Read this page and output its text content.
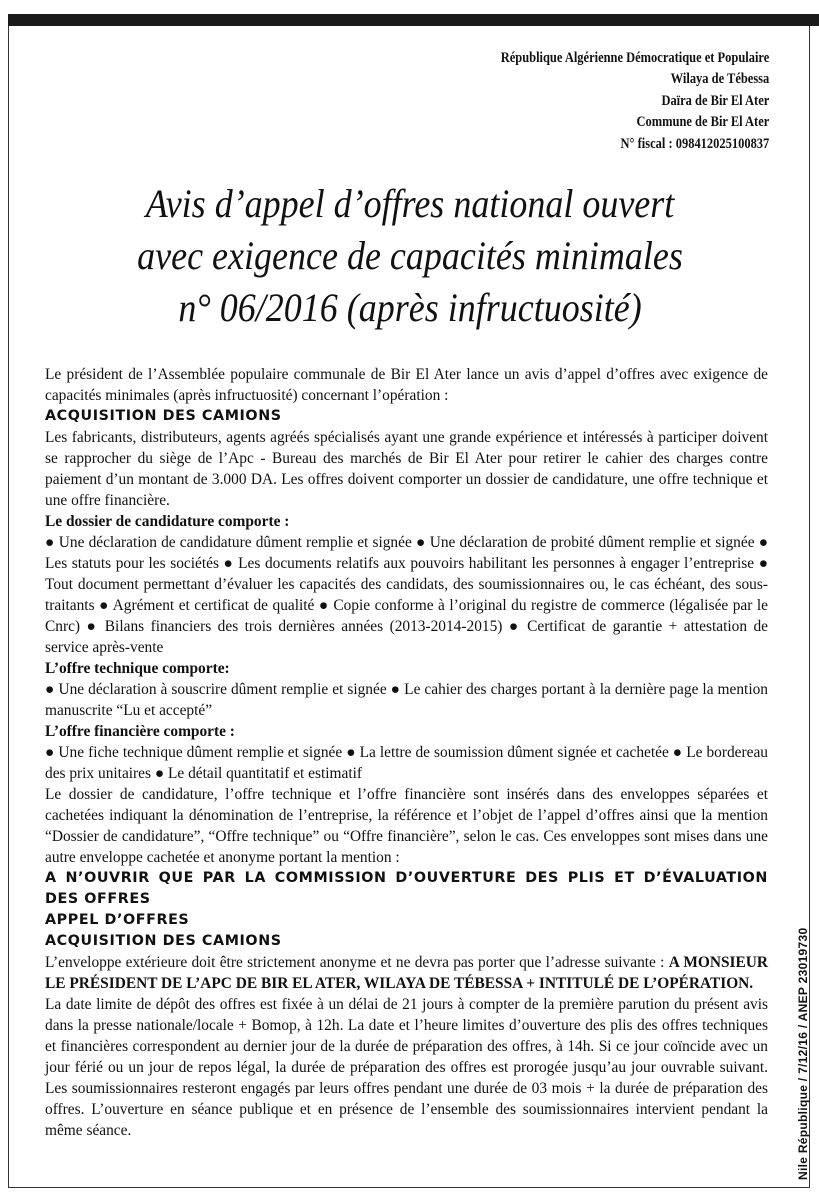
République Algérienne Démocratique et Populaire
Wilaya de Tébessa
Daïra de Bir El Ater
Commune de Bir El Ater
N° fiscal : 098412025100837
Avis d’appel d’offres national ouvert
avec exigence de capacités minimales
n° 06/2016 (après infructuosité)

Le président de l’Assemblée populaire communale de Bir El Ater lance un avis d’appel d’offres avec exigence de capacités minimales (après infructuosité) concernant l’opération :

ACQUISITION DES CAMIONS

Les fabricants, distributeurs, agents agréés spécialisés ayant une grande expérience et intéressés à participer doivent se rapprocher du siège de l’Apc - Bureau des marchés de Bir El Ater pour retirer le cahier des charges contre paiement d’un montant de 3.000 DA. Les offres doivent comporter un dossier de candidature, une offre technique et une offre financière.

Le dossier de candidature comporte :

● Une déclaration de candidature dûment remplie et signée ● Une déclaration de probité dûment remplie et signée ● Les statuts pour les sociétés ● Les documents relatifs aux pouvoirs habilitant les personnes à engager l’entreprise ● Tout document permettant d’évaluer les capacités des candidats, des soumissionnaires ou, le cas échéant, des sous-traitants ● Agrément et certificat de qualité ● Copie conforme à l’original du registre de commerce (légalisée par le Cnrc) ● Bilans financiers des trois dernières années (2013-2014-2015) ● Certificat de garantie + attestation de service après-vente

L’offre technique comporte:

● Une déclaration à souscrire dûment remplie et signée ● Le cahier des charges portant à la dernière page la mention manuscrite “Lu et accepté”

L’offre financière comporte :

● Une fiche technique dûment remplie et signée ● La lettre de soumission dûment signée et cachetée ● Le bordereau des prix unitaires ● Le détail quantitatif et estimatif

Le dossier de candidature, l’offre technique et l’offre financière sont insérés dans des enveloppes séparées et cachetées indiquant la dénomination de l’entreprise, la référence et l’objet de l’appel d’offres ainsi que la mention “Dossier de candidature”, “Offre technique” ou “Offre financière”, selon le cas. Ces enveloppes sont mises dans une autre enveloppe cachetée et anonyme portant la mention :

A N’OUVRIR QUE PAR LA COMMISSION D’OUVERTURE DES PLIS ET D’ÉVALUATION DES OFFRES

APPEL D’OFFRES

ACQUISITION DES CAMIONS

L’enveloppe extérieure doit être strictement anonyme et ne devra pas porter que l’adresse suivante : A MONSIEUR LE PRÉSIDENT DE L’APC DE BIR EL ATER, WILAYA DE TÉBESSA + INTITULÉ DE L’OPÉRATION.

La date limite de dépôt des offres est fixée à un délai de 21 jours à compter de la première parution du présent avis dans la presse nationale/locale + Bomop, à 12h. La date et l’heure limites d’ouverture des plis des offres techniques et financières correspondent au dernier jour de la durée de préparation des offres, à 14h. Si ce jour coïncide avec un jour férié ou un jour de repos légal, la durée de préparation des offres est prorogée jusqu’au jour ouvrable suivant. Les soumissionnaires resteront engagés par leurs offres pendant une durée de 03 mois + la durée de préparation des offres. L’ouverture en séance publique et en présence de l’ensemble des soumissionnaires intervient pendant la même séance.	Nile République / 7/12/16 / ANEP 23019730
